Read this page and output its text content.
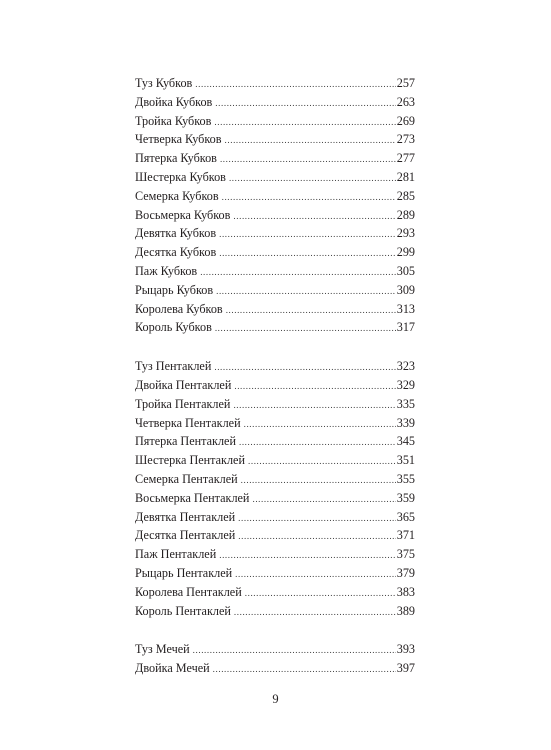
Туз Кубков .....	257
Двойка Кубков .....	263
Тройка Кубков .....	269
Четверка Кубков .....	273
Пятерка Кубков .....	277
Шестерка Кубков .....	281
Семерка Кубков .....	285
Восьмерка Кубков .....	289
Девятка Кубков .....	293
Десятка Кубков .....	299
Паж Кубков .....	305
Рыцарь Кубков .....	309
Королева Кубков .....	313
Король Кубков .....	317
Туз Пентаклей .....	323
Двойка Пентаклей .....	329
Тройка Пентаклей .....	335
Четверка Пентаклей .....	339
Пятерка Пентаклей .....	345
Шестерка Пентаклей .....	351
Семерка Пентаклей .....	355
Восьмерка Пентаклей .....	359
Девятка Пентаклей .....	365
Десятка Пентаклей .....	371
Паж Пентаклей .....	375
Рыцарь Пентаклей .....	379
Королева Пентаклей .....	383
Король Пентаклей .....	389
Туз Мечей .....	393
Двойка Мечей .....	397
9
